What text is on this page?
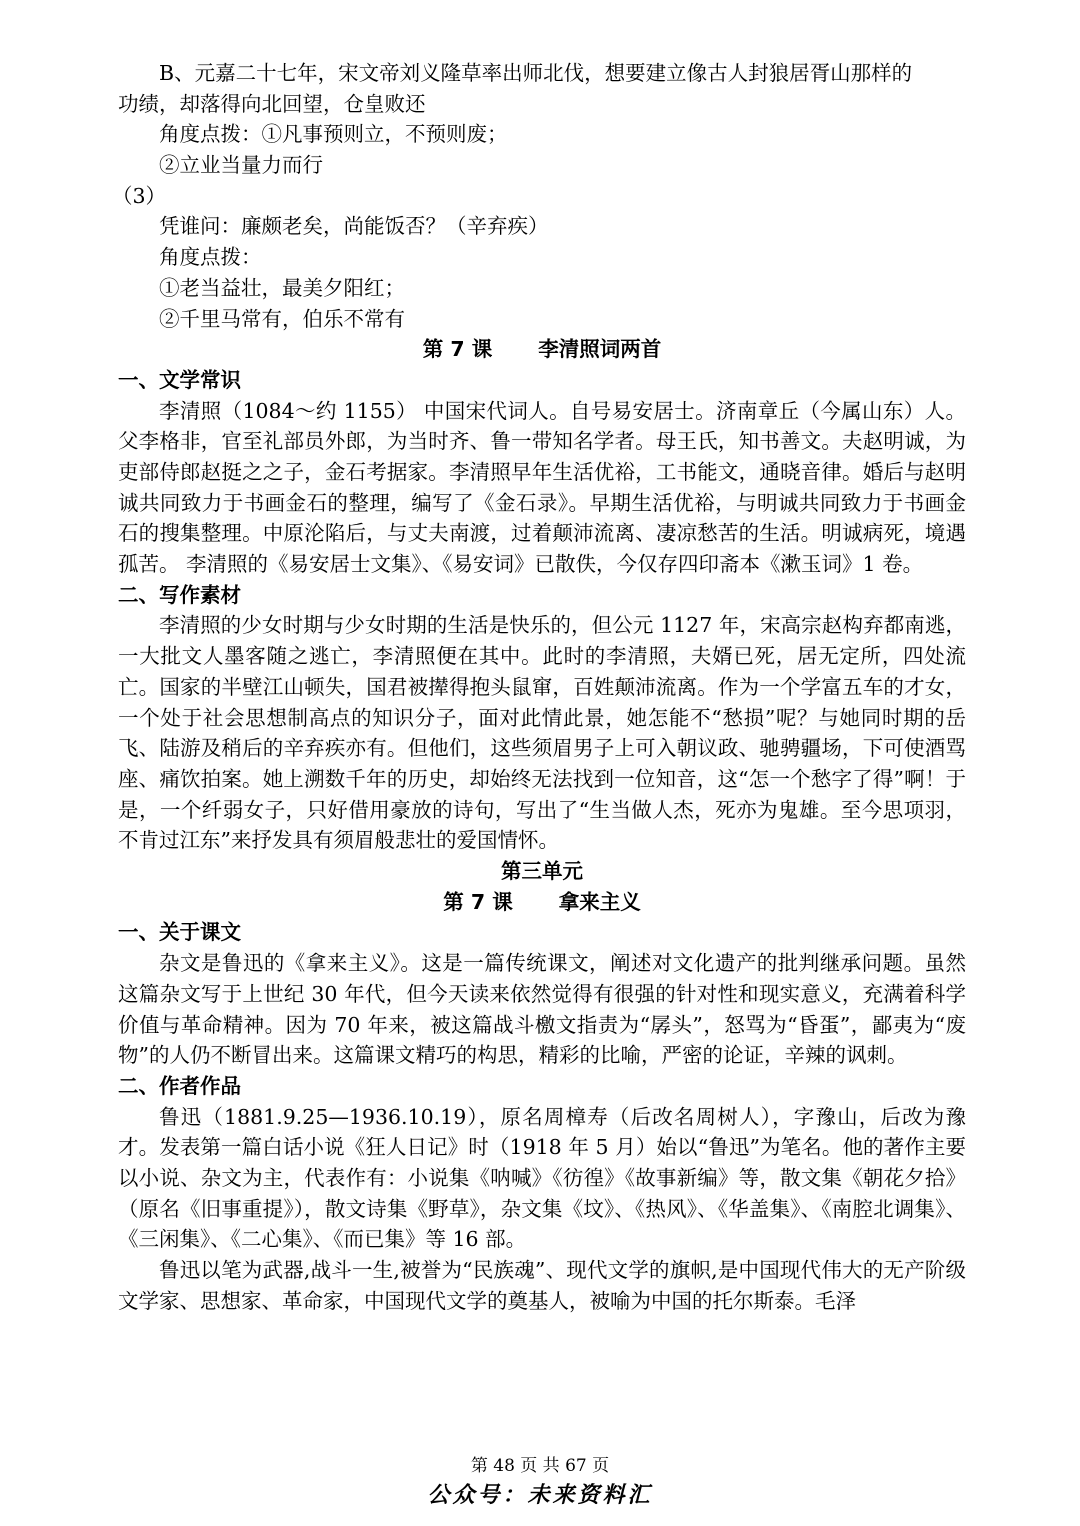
B、元嘉二十七年，宋文帝刘义隆草率出师北伐，想要建立像古人封狼居胥山那样的
功绩，却落得向北回望，仓皇败还
角度点拨：①凡事预则立，不预则废；
②立业当量力而行
（3）
凭谁问：廉颇老矣，尚能饭否？（辛弃疾）
角度点拨：
①老当益壮，最美夕阳红；
②千里马常有，伯乐不常有
第 7 课 李清照词两首
一、文学常识
李清照（1084～约 1155） 中国宋代词人。自号易安居士。济南章丘（今属山东）人。父李格非，官至礼部员外郎，为当时齐、鲁一带知名学者。母王氏，知书善文。夫赵明诚，为吏部侍郎赵挺之之子，金石考据家。李清照早年生活优裕，工书能文，通晓音律。婚后与赵明诚共同致力于书画金石的整理，编写了《金石录》。早期生活优裕，与明诚共同致力于书画金石的搜集整理。中原沦陷后，与丈夫南渡，过着颠沛流离、凄凉愁苦的生活。明诚病死，境遇孤苦。 李清照的《易安居士文集》、《易安词》已散佚，今仅存四印斋本《漱玉词》1 卷。
二、写作素材
李清照的少女时期与少女时期的生活是快乐的，但公元 1127 年，宋高宗赵构弃都南逃，一大批文人墨客随之逃亡，李清照便在其中。此时的李清照，夫婿已死，居无定所，四处流亡。国家的半壁江山顿失，国君被撵得抱头鼠窜，百姓颠沛流离。作为一个学富五车的才女，一个处于社会思想制高点的知识分子，面对此情此景，她怎能不“愁损”呢？与她同时期的岳飞、陆游及稍后的辛弃疾亦有。但他们，这些须眉男子上可入朝议政、驰骋疆场，下可使酒骂座、痛饮拍案。她上溯数千年的历史，却始终无法找到一位知音，这“怎一个愁字了得”啊！于是，一个纤弱女子，只好借用豪放的诗句，写出了“生当做人杰，死亦为鬼雄。至今思项羽，不肯过江东”来抒发具有须眉般悲壮的爱国情怀。
第三单元
第 7 课 拿来主义
一、关于课文
杂文是鲁迅的《拿来主义》。这是一篇传统课文，阐述对文化遗产的批判继承问题。虽然这篇杂文写于上世纪 30 年代，但今天读来依然觉得有很强的针对性和现实意义，充满着科学价值与革命精神。因为 70 年来，被这篇战斗檄文指责为“孱头”，怒骂为“昏蛋”，鄙夷为“废物”的人仍不断冒出来。这篇课文精巧的构思，精彩的比喻，严密的论证，辛辣的讽刺。
二、作者作品
鲁迅（1881.9.25—1936.10.19），原名周樟寿（后改名周树人），字豫山，后改为豫才。发表第一篇白话小说《狂人日记》时（1918 年 5 月）始以“鲁迅”为笔名。他的著作主要以小说、杂文为主，代表作有：小说集《呐喊》《彷徨》《故事新编》等，散文集《朝花夕拾》（原名《旧事重提》），散文诗集《野草》，杂文集《坟》、《热风》、《华盖集》、《南腔北调集》、《三闲集》、《二心集》、《而已集》等 16 部。
鲁迅以笔为武器,战斗一生,被誉为“民族魂”、现代文学的旗帜,是中国现代伟大的无产阶级文学家、思想家、革命家，中国现代文学的奠基人，被喻为中国的托尔斯泰。毛泽
第 48 页 共 67 页
公众号：未来资料汇
